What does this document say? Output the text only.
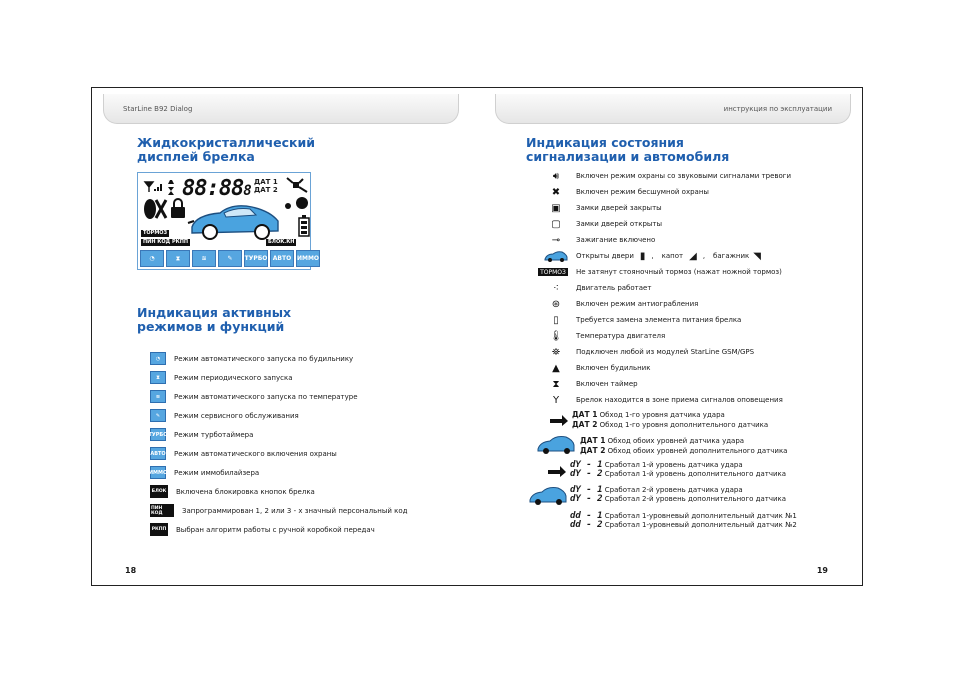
StarLine B92 Dialog
Жидкокристаллический
дисплей брелка
88:888
ДАТ 1
ДАТ 2
ТОРМОЗ
ПИН КОД РКПП	БЛОК.КН
◔	⧗	≋	✎	ТУРБО АВТО ИММО
Индикация активных
режимов и функций
◔	Режим автоматического запуска по будильнику
⧗	Режим периодического запуска
≋	Режим автоматического запуска по температуре
✎	Режим сервисного обслуживания
ТУРБО Режим турботаймера
АВТО Режим автоматического включения охраны
ИММО Режим иммобилайзера
БЛОК Включена блокировка кнопок брелка
ПИН КОД	Запрограммирован 1, 2 или 3 - х значный персональный код
РКПП Выбран алгоритм работы с ручной коробкой передач
18
инструкция по эксплуатации
Индикация состояния
сигнализации и автомобиля
🔊︎	Включен режим охраны со звуковыми сигналами тревоги
✖	Включен режим бесшумной охраны
▣	Замки дверей закрыты
▢	Замки дверей открыты
⊸	Зажигание включено
Открыты двери ▮ , капот ◢ , багажник ◥
ТОРМОЗ	Не затянут стояночный тормоз (нажат ножной тормоз)
⁖	Двигатель работает
⊛	Включен режим антиограбления
▯	Требуется замена элемента питания брелка
🌡︎	Температура двигателя
⛯	Подключен любой из модулей StarLine GSM/GPS
▲	Включен будильник
⧗	Включен таймер
Y	Брелок находится в зоне приема сигналов оповещения
ДАТ 1 Обход 1-го уровня датчика удара
ДАТ 2 Обход 1-го уровня дополнительного датчика
ДАТ 1 Обход обоих уровней датчика удара
ДАТ 2 Обход обоих уровней дополнительного датчика
dY - 1 Сработал 1-й уровень датчика удара
dY - 2 Сработал 1-й уровень дополнительного датчика
dY - 1 Сработал 2-й уровень датчика удара
dY - 2 Сработал 2-й уровень дополнительного датчика
dd - 1 Сработал 1-уровневый дополнительный датчик №1
dd - 2 Сработал 1-уровневый дополнительный датчик №2
19
